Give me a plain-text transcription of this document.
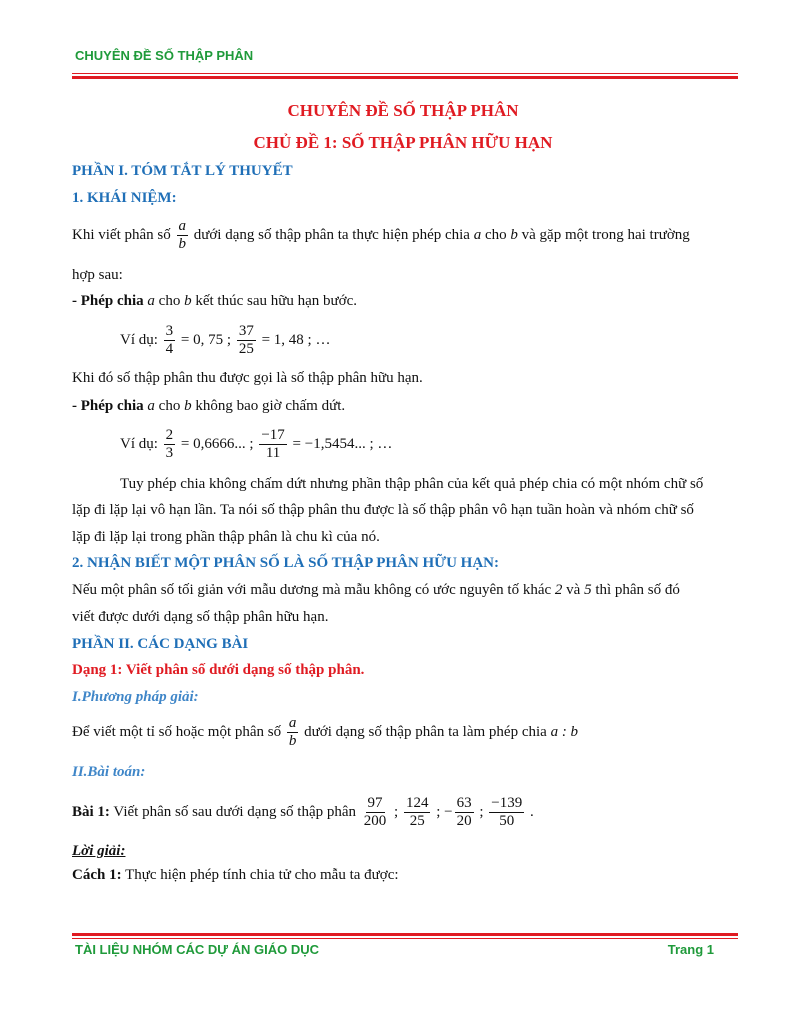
CHUYÊN ĐỀ SỐ THẬP PHÂN
CHUYÊN ĐỀ SỐ THẬP PHÂN
CHỦ ĐỀ 1: SỐ THẬP PHÂN HỮU HẠN
PHẦN I. TÓM TẮT LÝ THUYẾT
1. KHÁI NIỆM:
Khi viết phân số $\frac{a}{b}$ dưới dạng số thập phân ta thực hiện phép chia a cho b và gặp một trong hai trường
hợp sau:
- Phép chia a cho b kết thúc sau hữu hạn bước.
Ví dụ: $\frac{3}{4} = 0$, 75 ; $\frac{37}{25} = 1$, 48 ; …
Khi đó số thập phân thu được gọi là số thập phân hữu hạn.
- Phép chia a cho b không bao giờ chấm dứt.
Ví dụ: $\frac{2}{3} = 0,6666$... ; $\frac{-17}{11} = -1,5454$... ; …
Tuy phép chia không chấm dứt nhưng phần thập phân của kết quả phép chia có một nhóm chữ số
lặp đi lặp lại vô hạn lần. Ta nói số thập phân thu được là số thập phân vô hạn tuần hoàn và nhóm chữ số
lặp đi lặp lại trong phần thập phân là chu kì của nó.
2. NHẬN BIẾT MỘT PHÂN SỐ LÀ SỐ THẬP PHÂN HỮU HẠN:
Nếu một phân số tối giản với mẫu dương mà mẫu không có ước nguyên tố khác 2 và 5 thì phân số đó
viết được dưới dạng số thập phân hữu hạn.
PHẦN II. CÁC DẠNG BÀI
Dạng 1: Viết phân số dưới dạng số thập phân.
I.Phương pháp giải:
Để viết một tỉ số hoặc một phân số $\frac{a}{b}$ dưới dạng số thập phân ta làm phép chia a : b
II.Bài toán:
Bài 1: Viết phân số sau dưới dạng số thập phân $\frac{97}{200}$ ; $\frac{124}{25}$ ; − $\frac{63}{20}$ ; $\frac{-139}{50}$ .
Lời giải:
Cách 1: Thực hiện phép tính chia tử cho mẫu ta được:
TÀI LIỆU NHÓM CÁC DỰ ÁN GIÁO DỤC	Trang 1
